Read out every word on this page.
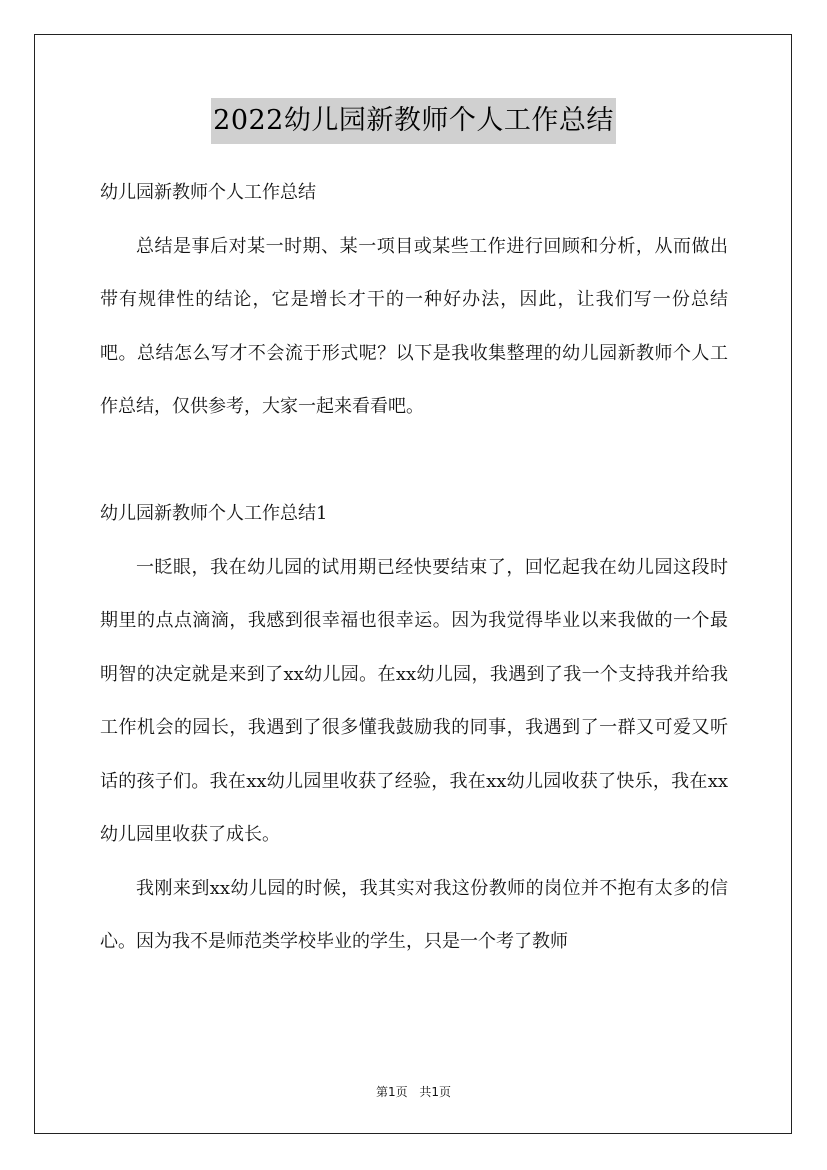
2022幼儿园新教师个人工作总结

幼儿园新教师个人工作总结

总结是事后对某一时期、某一项目或某些工作进行回顾和分析，从而做出带有规律性的结论，它是增长才干的一种好办法，因此，让我们写一份总结吧。总结怎么写才不会流于形式呢？以下是我收集整理的幼儿园新教师个人工作总结，仅供参考，大家一起来看看吧。

幼儿园新教师个人工作总结1

一眨眼，我在幼儿园的试用期已经快要结束了，回忆起我在幼儿园这段时期里的点点滴滴，我感到很幸福也很幸运。因为我觉得毕业以来我做的一个最明智的决定就是来到了xx幼儿园。在xx幼儿园，我遇到了我一个支持我并给我工作机会的园长，我遇到了很多懂我鼓励我的同事，我遇到了一群又可爱又听话的孩子们。我在xx幼儿园里收获了经验，我在xx幼儿园收获了快乐，我在xx幼儿园里收获了成长。

我刚来到xx幼儿园的时候，我其实对我这份教师的岗位并不抱有太多的信心。因为我不是师范类学校毕业的学生，只是一个考了教师

第1页 共1页
